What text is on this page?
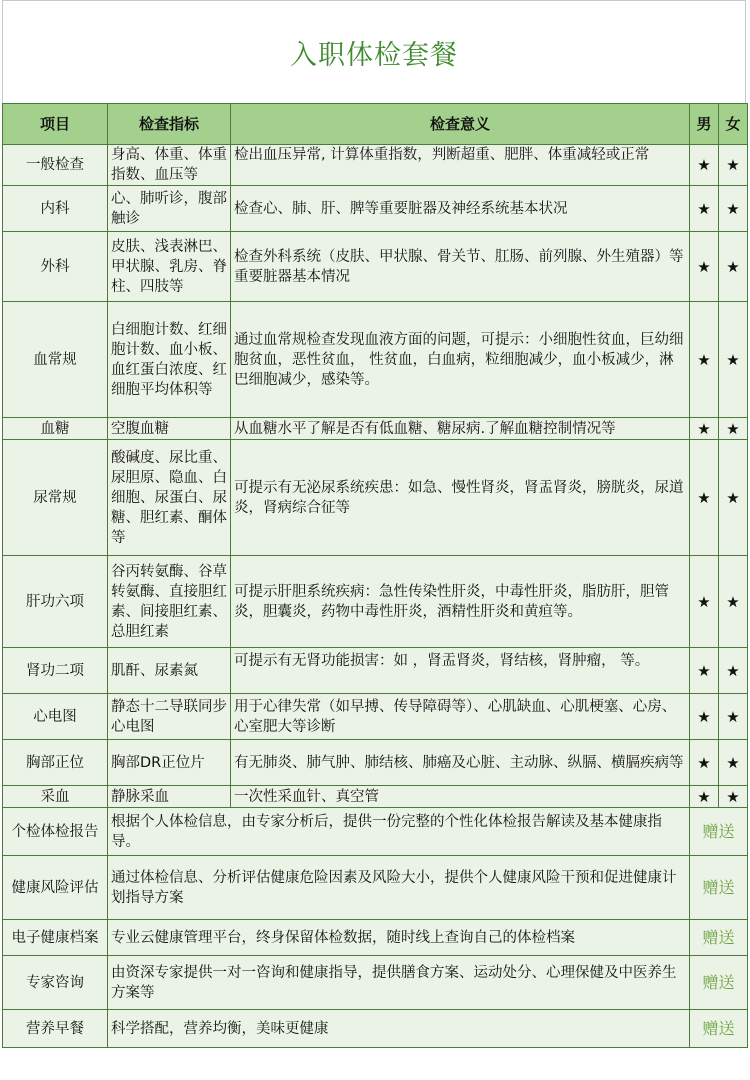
入职体检套餐
项目	检查指标	检查意义	男	女
一般检查	身高、体重、体重指数、血压等	检出血压异常, 计算体重指数，判断超重、肥胖、体重减轻或正常	★	★
内科	心、肺听诊，腹部触诊	检查心、肺、肝、脾等重要脏器及神经系统基本状况	★	★
外科	皮肤、浅表淋巴、甲状腺、乳房、脊柱、四肢等	检查外科系统（皮肤、甲状腺、骨关节、肛肠、前列腺、外生殖器）等重要脏器基本情况	★	★
血常规	白细胞计数、红细胞计数、血小板、血红蛋白浓度、红细胞平均体积等	通过血常规检查发现血液方面的问题，可提示：小细胞性贫血，巨幼细胞贫血，恶性贫血， 性贫血，白血病，粒细胞减少，血小板减少，淋巴细胞减少，感染等。	★	★
血糖	空腹血糖	从血糖水平了解是否有低血糖、糖尿病.了解血糖控制情况等	★	★
尿常规	酸碱度、尿比重、尿胆原、隐血、白细胞、尿蛋白、尿糖、胆红素、酮体等	可提示有无泌尿系统疾患：如急、慢性肾炎，肾盂肾炎，膀胱炎，尿道炎，肾病综合征等	★	★
肝功六项	谷丙转氨酶、谷草转氨酶、直接胆红素、间接胆红素、总胆红素	可提示肝胆系统疾病：急性传染性肝炎，中毒性肝炎，脂肪肝，胆管炎，胆囊炎，药物中毒性肝炎，酒精性肝炎和黄疸等。	★	★
肾功二项	肌酐、尿素氮	可提示有无肾功能损害：如 ，肾盂肾炎，肾结核，肾肿瘤， 等。	★	★
心电图	静态十二导联同步心电图	用于心律失常（如早搏、传导障碍等）、心肌缺血、心肌梗塞、心房、心室肥大等诊断	★	★
胸部正位	胸部DR正位片	有无肺炎、肺气肿、肺结核、肺癌及心脏、主动脉、纵膈、横膈疾病等	★	★
采血	静脉采血	一次性采血针、真空管	★	★
个检体检报告	根据个人体检信息，由专家分析后，提供一份完整的个性化体检报告解读及基本健康指导。		赠送	
健康风险评估	通过体检信息、分析评估健康危险因素及风险大小，提供个人健康风险干预和促进健康计划指导方案		赠送	
电子健康档案	专业云健康管理平台，终身保留体检数据，随时线上查询自己的体检档案		赠送	
专家咨询	由资深专家提供一对一咨询和健康指导，提供膳食方案、运动处分、心理保健及中医养生方案等		赠送	
营养早餐	科学搭配，营养均衡，美味更健康		赠送	
